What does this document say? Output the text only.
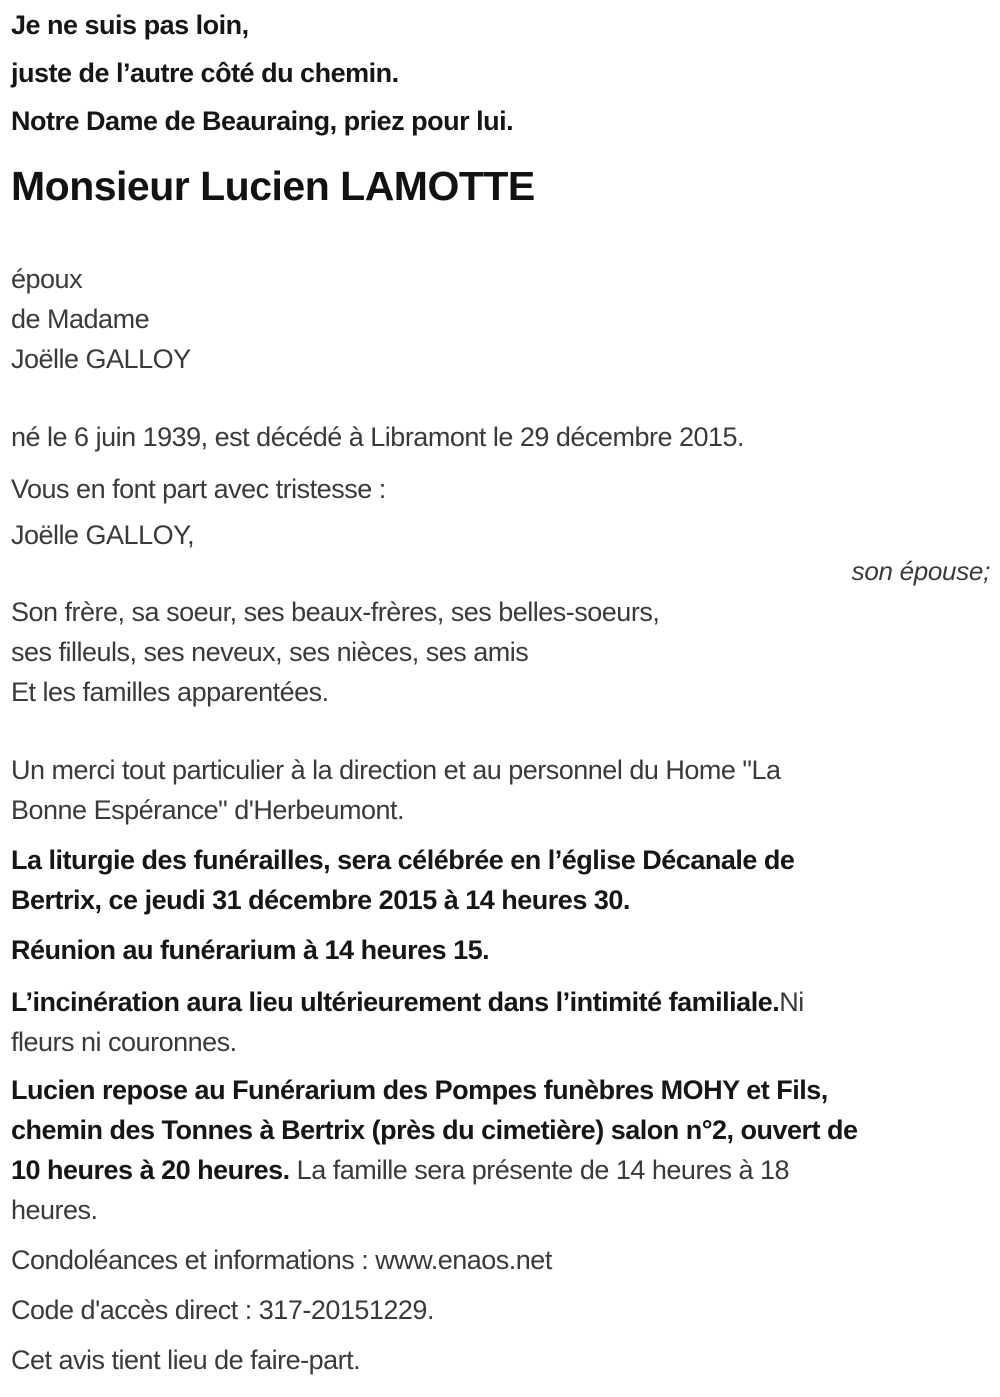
Je ne suis pas loin,
juste de l’autre côté du chemin.
Notre Dame de Beauraing, priez pour lui.
Monsieur Lucien LAMOTTE
époux
de Madame
Joëlle GALLOY
né le 6 juin 1939, est décédé à Libramont le 29 décembre 2015.
Vous en font part avec tristesse :
Joëlle GALLOY,
son épouse;
Son frère, sa soeur, ses beaux-frères, ses belles-soeurs,
ses filleuls, ses neveux, ses nièces, ses amis
Et les familles apparentées.
Un merci tout particulier à la direction et au personnel du Home "La
Bonne Espérance" d'Herbeumont.
La liturgie des funérailles, sera célébrée en l’église Décanale de
Bertrix, ce jeudi 31 décembre 2015 à 14 heures 30.
Réunion au funérarium à 14 heures 15.
L’incinération aura lieu ultérieurement dans l’intimité familiale.Ni
fleurs ni couronnes.
Lucien repose au Funérarium des Pompes funèbres MOHY et Fils,
chemin des Tonnes à Bertrix (près du cimetière) salon n°2, ouvert de
10 heures à 20 heures. La famille sera présente de 14 heures à 18
heures.
Condoléances et informations : www.enaos.net
Code d'accès direct : 317-20151229.
Cet avis tient lieu de faire-part.
